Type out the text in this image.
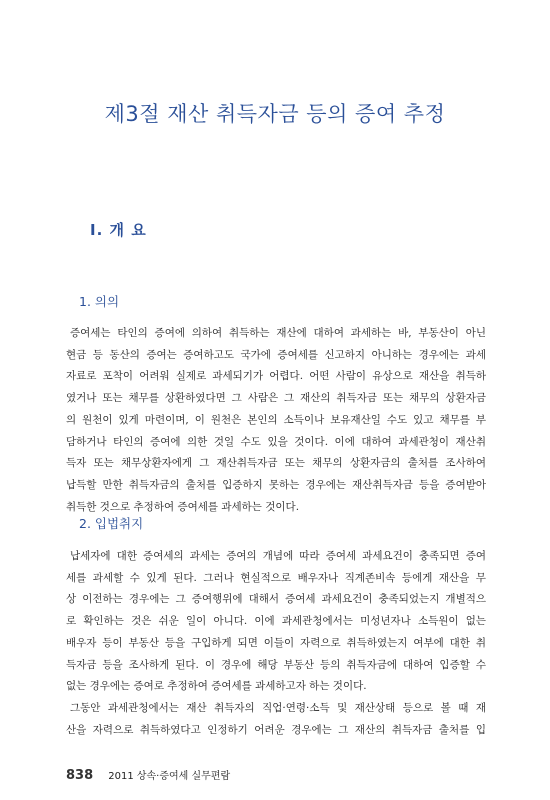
제3절 재산 취득자금 등의 증여 추정
Ⅰ. 개 요
1. 의의
증여세는 타인의 증여에 의하여 취득하는 재산에 대하여 과세하는 바, 부동산이 아닌
현금 등 동산의 증여는 증여하고도 국가에 증여세를 신고하지 아니하는 경우에는 과세
자료로 포착이 어려워 실제로 과세되기가 어렵다. 어떤 사람이 유상으로 재산을 취득하
였거나 또는 채무를 상환하였다면 그 사람은 그 재산의 취득자금 또는 채무의 상환자금
의 원천이 있게 마련이며, 이 원천은 본인의 소득이나 보유재산일 수도 있고 채무를 부
담하거나 타인의 증여에 의한 것일 수도 있을 것이다. 이에 대하여 과세관청이 재산취
득자 또는 채무상환자에게 그 재산취득자금 또는 채무의 상환자금의 출처를 조사하여
납득할 만한 취득자금의 출처를 입증하지 못하는 경우에는 재산취득자금 등을 증여받아
취득한 것으로 추정하여 증여세를 과세하는 것이다.
2. 입법취지
납세자에 대한 증여세의 과세는 증여의 개념에 따라 증여세 과세요건이 충족되면 증여
세를 과세할 수 있게 된다. 그러나 현실적으로 배우자나 직계존비속 등에게 재산을 무
상 이전하는 경우에는 그 증여행위에 대해서 증여세 과세요건이 충족되었는지 개별적으
로 확인하는 것은 쉬운 일이 아니다. 이에 과세관청에서는 미성년자나 소득원이 없는
배우자 등이 부동산 등을 구입하게 되면 이들이 자력으로 취득하였는지 여부에 대한 취
득자금 등을 조사하게 된다. 이 경우에 해당 부동산 등의 취득자금에 대하여 입증할 수
없는 경우에는 증여로 추정하여 증여세를 과세하고자 하는 것이다.
그동안 과세관청에서는 재산 취득자의 직업·연령·소득 및 재산상태 등으로 볼 때 재
산을 자력으로 취득하였다고 인정하기 어려운 경우에는 그 재산의 취득자금 출처를 입
838 2011 상속·증여세 실무편람
